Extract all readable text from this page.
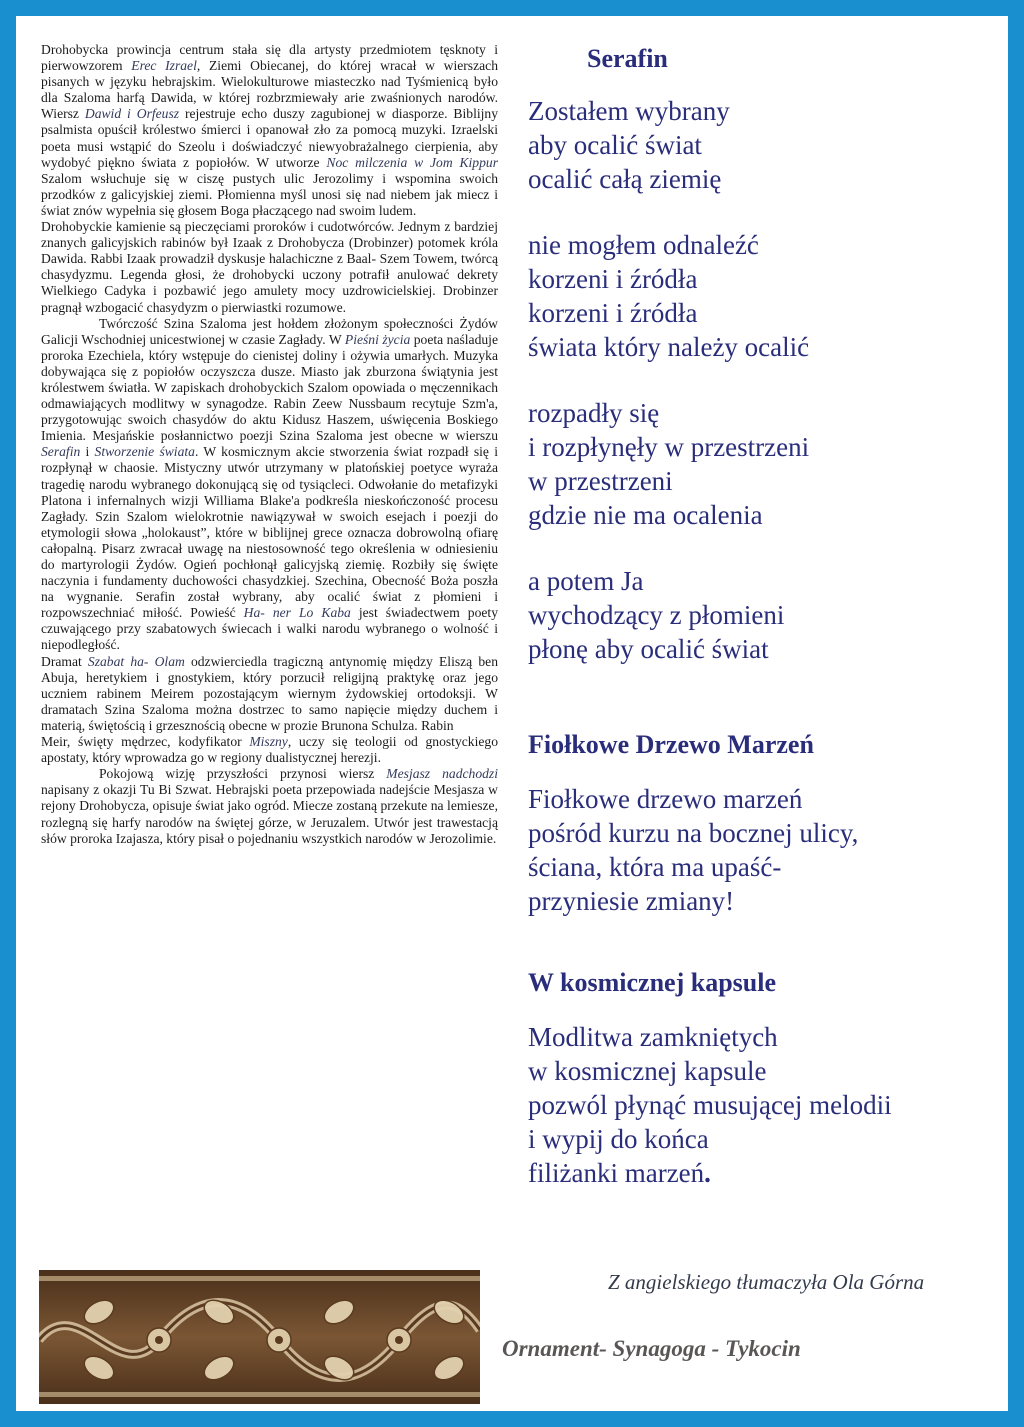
Drohobycka prowincja centrum stała się dla artysty przedmiotem tęsknoty i pierwowzorem Erec Izrael, Ziemi Obiecanej, do której wracał w wierszach pisanych w języku hebrajskim. Wielokulturowe miasteczko nad Tyśmienicą było dla Szaloma harfą Dawida, w której rozbrzmiewały arie zwaśnionych narodów. Wiersz Dawid i Orfeusz rejestruje echo duszy zagubionej w diasporze. Biblijny psalmista opuścił królestwo śmierci i opanował zło za pomocą muzyki. Izraelski poeta musi wstąpić do Szeolu i doświadczyć niewyobrażalnego cierpienia, aby wydobyć piękno świata z popiołów. W utworze Noc milczenia w Jom Kippur Szalom wsłuchuje się w ciszę pustych ulic Jerozolimy i wspomina swoich przodków z galicyjskiej ziemi. Płomienna myśl unosi się nad niebem jak miecz i świat znów wypełnia się głosem Boga płaczącego nad swoim ludem.

Drohobyckie kamienie są pieczęciami proroków i cudotwórców. Jednym z bardziej znanych galicyjskich rabinów był Izaak z Drohobycza (Drobinzer) potomek króla Dawida. Rabbi Izaak prowadził dyskusje halachiczne z Baal- Szem Towem, twórcą chasydyzmu. Legenda głosi, że drohobycki uczony potrafił anulować dekrety Wielkiego Cadyka i pozbawić jego amulety mocy uzdrowicielskiej. Drobinzer pragnął wzbogacić chasydyzm o pierwiastki rozumowe.

Twórczość Szina Szaloma jest hołdem złożonym społeczności Żydów Galicji Wschodniej unicestwionej w czasie Zagłady. W Pieśni życia poeta naśladuje proroka Ezechiela, który wstępuje do cienistej doliny i ożywia umarłych. Muzyka dobywająca się z popiołów oczyszcza dusze. Miasto jak zburzona świątynia jest królestwem światła. W zapiskach drohobyckich Szalom opowiada o męczennikach odmawiających modlitwy w synagodze. Rabin Zeew Nussbaum recytuje Szm'a, przygotowując swoich chasydów do aktu Kidusz Haszem, uświęcenia Boskiego Imienia. Mesjańskie posłannictwo poezji Szina Szaloma jest obecne w wierszu Serafin i Stworzenie świata. W kosmicznym akcie stworzenia świat rozpadł się i rozpłynął w chaosie. Mistyczny utwór utrzymany w platońskiej poetyce wyraża tragedię narodu wybranego dokonującą się od tysiącleci. Odwołanie do metafizyki Platona i infernalnych wizji Williama Blake'a podkreśla nieskończoność procesu Zagłady. Szin Szalom wielokrotnie nawiązywał w swoich esejach i poezji do etymologii słowa „holokaust”, które w biblijnej grece oznacza dobrowolną ofiarę całopalną. Pisarz zwracał uwagę na niestosowność tego określenia w odniesieniu do martyrologii Żydów. Ogień pochłonął galicyjską ziemię. Rozbiły się święte naczynia i fundamenty duchowości chasydzkiej. Szechina, Obecność Boża poszła na wygnanie. Serafin został wybrany, aby ocalić świat z płomieni i rozpowszechniać miłość. Powieść Ha- ner Lo Kaba jest świadectwem poety czuwającego przy szabatowych świecach i walki narodu wybranego o wolność i niepodległość.

Dramat Szabat ha- Olam odzwierciedla tragiczną antynomię między Eliszą ben Abuja, heretykiem i gnostykiem, który porzucił religijną praktykę oraz jego uczniem rabinem Meirem pozostającym wiernym żydowskiej ortodoksji. W dramatach Szina Szaloma można dostrzec to samo napięcie między duchem i materią, świętością i grzesznością obecne w prozie Brunona Schulza. Rabin

Meir, święty mędrzec, kodyfikator Miszny, uczy się teologii od gnostyckiego apostaty, który wprowadza go w regiony dualistycznej herezji.

Pokojową wizję przyszłości przynosi wiersz Mesjasz nadchodzi napisany z okazji Tu Bi Szwat. Hebrajski poeta przepowiada nadejście Mesjasza w rejony Drohobycza, opisuje świat jako ogród. Miecze zostaną przekute na lemiesze, rozlegną się harfy narodów na świętej górze, w Jeruzalem. Utwór jest trawestacją słów proroka Izajasza, który pisał o pojednaniu wszystkich narodów w Jerozolimie.

Serafin

Zostałem wybrany
aby ocalić świat
ocalić całą ziemię

nie mogłem odnaleźć
korzeni i źródła
korzeni i źródła
świata który należy ocalić

rozpadły się
i rozpłynęły w przestrzeni
w przestrzeni
gdzie nie ma ocalenia

a potem Ja
wychodzący z płomieni
płonę aby ocalić świat

Fiołkowe Drzewo Marzeń

Fiołkowe drzewo marzeń
pośród kurzu na bocznej ulicy,
ściana, która ma upaść-
przyniesie zmiany!

W kosmicznej kapsule

Modlitwa zamkniętych
w kosmicznej kapsule
pozwól płynąć musującej melodii
i wypij do końca
filiżanki marzeń.

Z angielskiego tłumaczyła Ola Górna
Ornament- Synagoga - Tykocin
